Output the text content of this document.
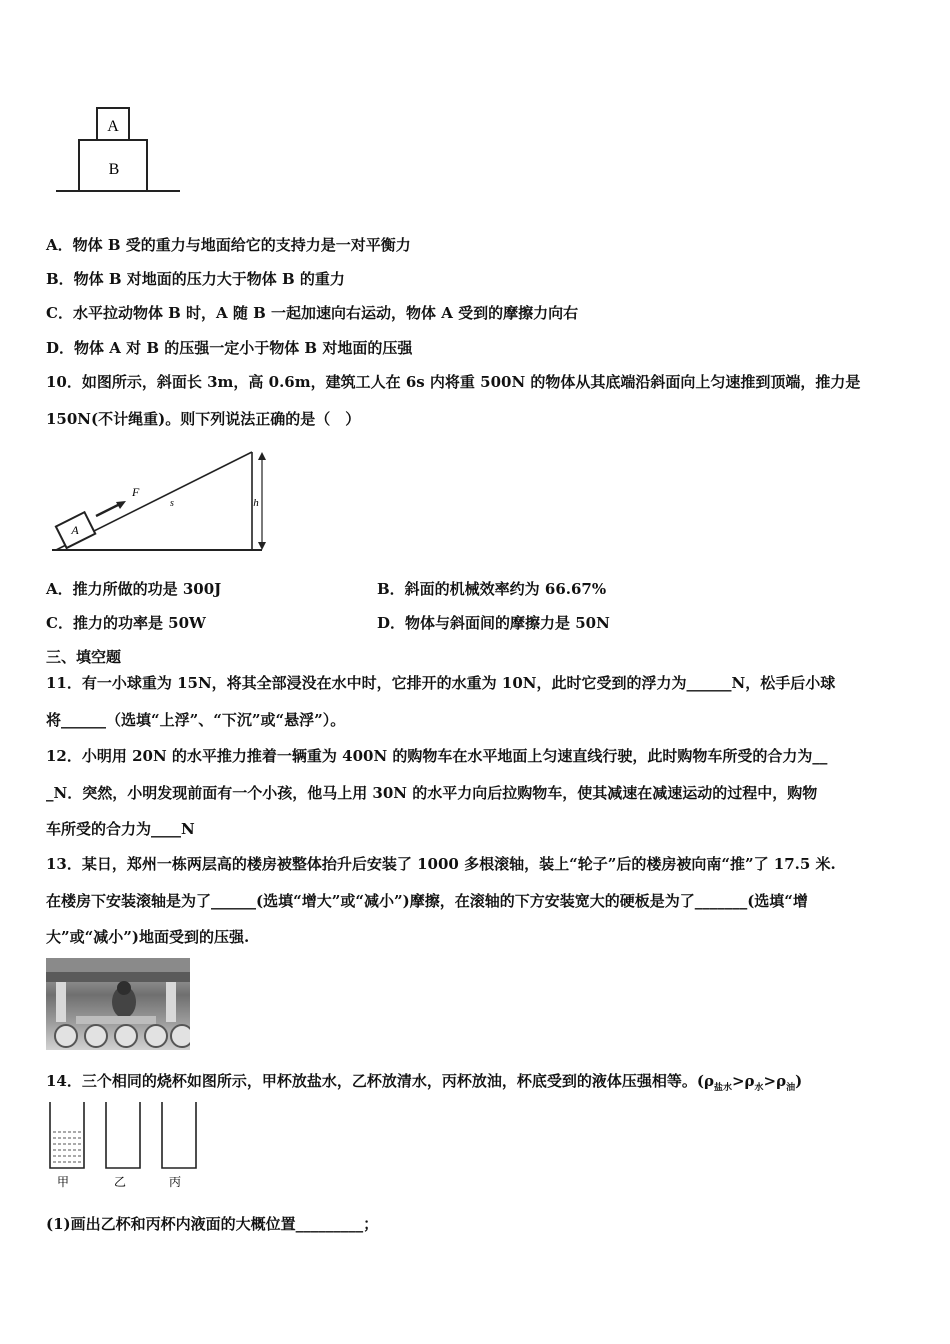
A
B
A．物体 B 受的重力与地面给它的支持力是一对平衡力
B．物体 B 对地面的压力大于物体 B 的重力
C．水平拉动物体 B 时，A 随 B 一起加速向右运动，物体 A 受到的摩擦力向右
D．物体 A 对 B 的压强一定小于物体 B 对地面的压强
10．如图所示，斜面长 3m，高 0.6m，建筑工人在 6s 内将重 500N 的物体从其底端沿斜面向上匀速推到顶端，推力是
150N(不计绳重)。则下列说法正确的是（　）
h
A
F
s
A．推力所做的功是 300J	B．斜面的机械效率约为 66.67%
C．推力的功率是 50W	D．物体与斜面间的摩擦力是 50N
三、填空题
11．有一小球重为 15N，将其全部浸没在水中时，它排开的水重为 10N，此时它受到的浮力为______N，松手后小球
将______（选填“上浮”、“下沉”或“悬浮”）。
12．小明用 20N 的水平推力推着一辆重为 400N 的购物车在水平地面上匀速直线行驶，此时购物车所受的合力为__
_N．突然，小明发现前面有一个小孩，他马上用 30N 的水平力向后拉购物车，使其减速在减速运动的过程中，购物
车所受的合力为____N
13．某日，郑州一栋两层高的楼房被整体抬升后安装了 1000 多根滚轴，装上“轮子”后的楼房被向南“推”了 17.5 米.
在楼房下安装滚轴是为了______(选填“增大”或“减小”)摩擦，在滚轴的下方安装宽大的硬板是为了_______(选填“增
大”或“减小”)地面受到的压强.
14．三个相同的烧杯如图所示，甲杯放盐水，乙杯放清水，丙杯放油，杯底受到的液体压强相等。$(\rho_{盐水}>\rho_水>\rho_油)$
甲	乙	丙
(1)画出乙杯和丙杯内液面的大概位置_________；
